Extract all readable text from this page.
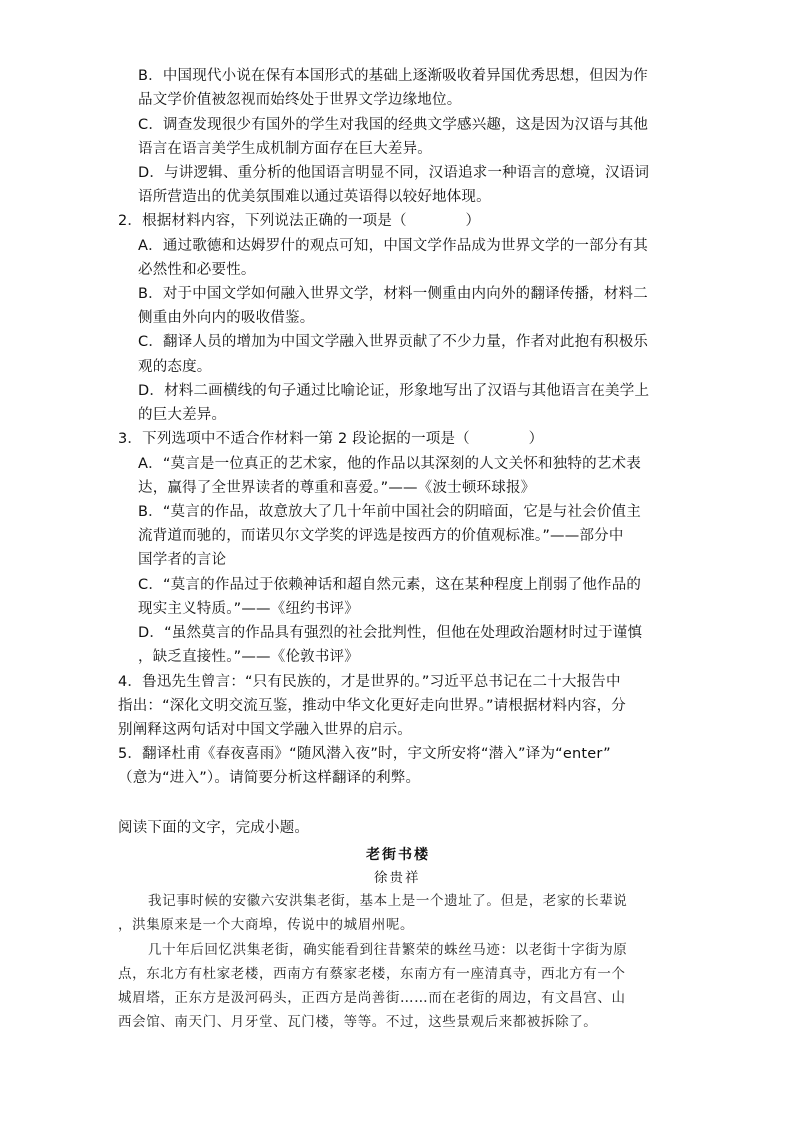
B．中国现代小说在保有本国形式的基础上逐渐吸收着异国优秀思想，但因为作
品文学价值被忽视而始终处于世界文学边缘地位。
C．调查发现很少有国外的学生对我国的经典文学感兴趣，这是因为汉语与其他
语言在语言美学生成机制方面存在巨大差异。
D．与讲逻辑、重分析的他国语言明显不同，汉语追求一种语言的意境，汉语词
语所营造出的优美氛围难以通过英语得以较好地体现。
2．根据材料内容，下列说法正确的一项是（　　　　）
A．通过歌德和达姆罗什的观点可知，中国文学作品成为世界文学的一部分有其
必然性和必要性。
B．对于中国文学如何融入世界文学，材料一侧重由内向外的翻译传播，材料二
侧重由外向内的吸收借鉴。
C．翻译人员的增加为中国文学融入世界贡献了不少力量，作者对此抱有积极乐
观的态度。
D．材料二画横线的句子通过比喻论证，形象地写出了汉语与其他语言在美学上
的巨大差异。
3．下列选项中不适合作材料一第 2 段论据的一项是（　　　　）
A．“莫言是一位真正的艺术家，他的作品以其深刻的人文关怀和独特的艺术表
达，赢得了全世界读者的尊重和喜爱。”——《波士顿环球报》
B．“莫言的作品，故意放大了几十年前中国社会的阴暗面，它是与社会价值主
流背道而驰的，而诺贝尔文学奖的评选是按西方的价值观标准。”——部分中
国学者的言论
C．“莫言的作品过于依赖神话和超自然元素，这在某种程度上削弱了他作品的
现实主义特质。”——《纽约书评》
D．“虽然莫言的作品具有强烈的社会批判性，但他在处理政治题材时过于谨慎
，缺乏直接性。”——《伦敦书评》
4．鲁迅先生曾言：“只有民族的，才是世界的。”习近平总书记在二十大报告中
指出：“深化文明交流互鉴，推动中华文化更好走向世界。”请根据材料内容，分
别阐释这两句话对中国文学融入世界的启示。
5．翻译杜甫《春夜喜雨》“随风潜入夜”时，宇文所安将“潜入”译为“enter”
（意为“进入”）。请简要分析这样翻译的利弊。
阅读下面的文字，完成小题。
老街书楼
徐贵祥
我记事时候的安徽六安洪集老街，基本上是一个遗址了。但是，老家的长辈说
，洪集原来是一个大商埠，传说中的城眉州呢。
几十年后回忆洪集老街，确实能看到往昔繁荣的蛛丝马迹：以老街十字街为原
点，东北方有杜家老楼，西南方有蔡家老楼，东南方有一座清真寺，西北方有一个
城眉塔，正东方是汲河码头，正西方是尚善街……而在老街的周边，有文昌宫、山
西会馆、南天门、月牙堂、瓦门楼，等等。不过，这些景观后来都被拆除了。
